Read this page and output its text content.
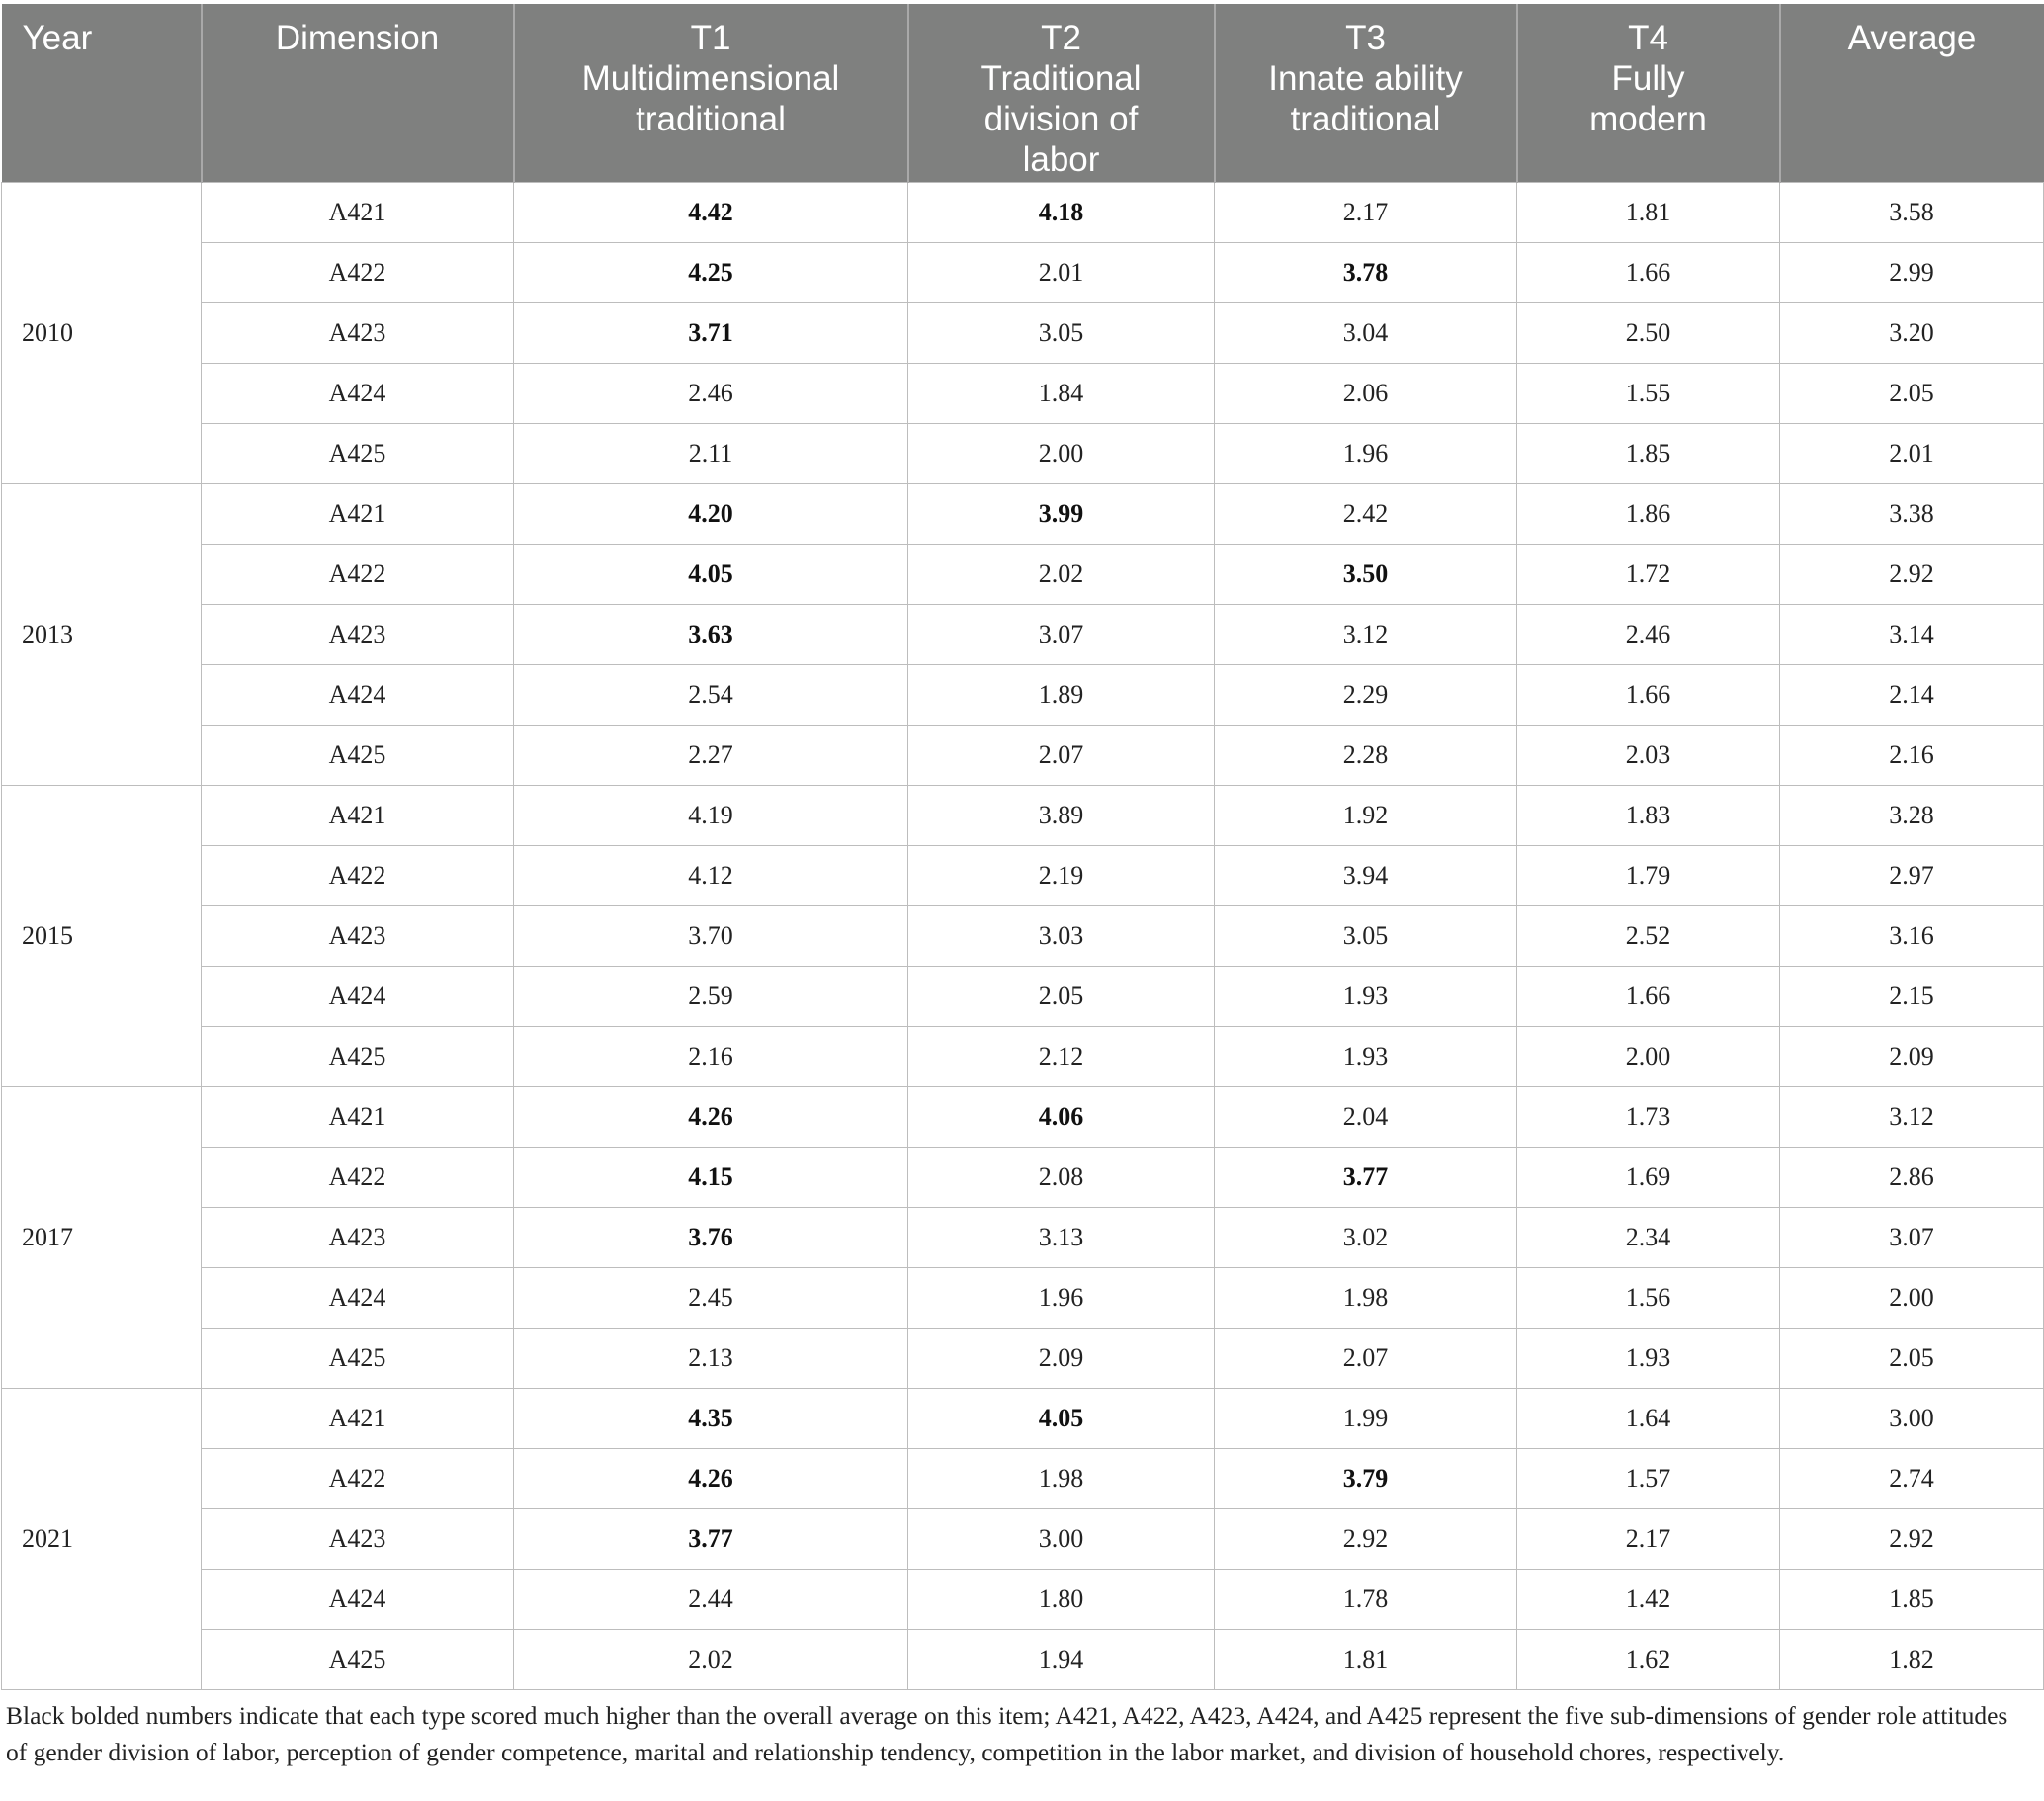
Year	Dimension	T1
Multidimensional
traditional	T2
Traditional
division of
labor	T3
Innate ability
traditional	T4
Fully
modern	Average

2010	A421	4.42	4.18	2.17	1.81	3.58
	A422	4.25	2.01	3.78	1.66	2.99
	A423	3.71	3.05	3.04	2.50	3.20
	A424	2.46	1.84	2.06	1.55	2.05
	A425	2.11	2.00	1.96	1.85	2.01
2013	A421	4.20	3.99	2.42	1.86	3.38
	A422	4.05	2.02	3.50	1.72	2.92
	A423	3.63	3.07	3.12	2.46	3.14
	A424	2.54	1.89	2.29	1.66	2.14
	A425	2.27	2.07	2.28	2.03	2.16
2015	A421	4.19	3.89	1.92	1.83	3.28
	A422	4.12	2.19	3.94	1.79	2.97
	A423	3.70	3.03	3.05	2.52	3.16
	A424	2.59	2.05	1.93	1.66	2.15
	A425	2.16	2.12	1.93	2.00	2.09
2017	A421	4.26	4.06	2.04	1.73	3.12
	A422	4.15	2.08	3.77	1.69	2.86
	A423	3.76	3.13	3.02	2.34	3.07
	A424	2.45	1.96	1.98	1.56	2.00
	A425	2.13	2.09	2.07	1.93	2.05
2021	A421	4.35	4.05	1.99	1.64	3.00
	A422	4.26	1.98	3.79	1.57	2.74
	A423	3.77	3.00	2.92	2.17	2.92
	A424	2.44	1.80	1.78	1.42	1.85
	A425	2.02	1.94	1.81	1.62	1.82
Black bolded numbers indicate that each type scored much higher than the overall average on this item; A421, A422, A423, A424, and A425 represent the five sub-dimensions of gender role attitudes of gender division of labor, perception of gender competence, marital and relationship tendency, competition in the labor market, and division of household chores, respectively.
